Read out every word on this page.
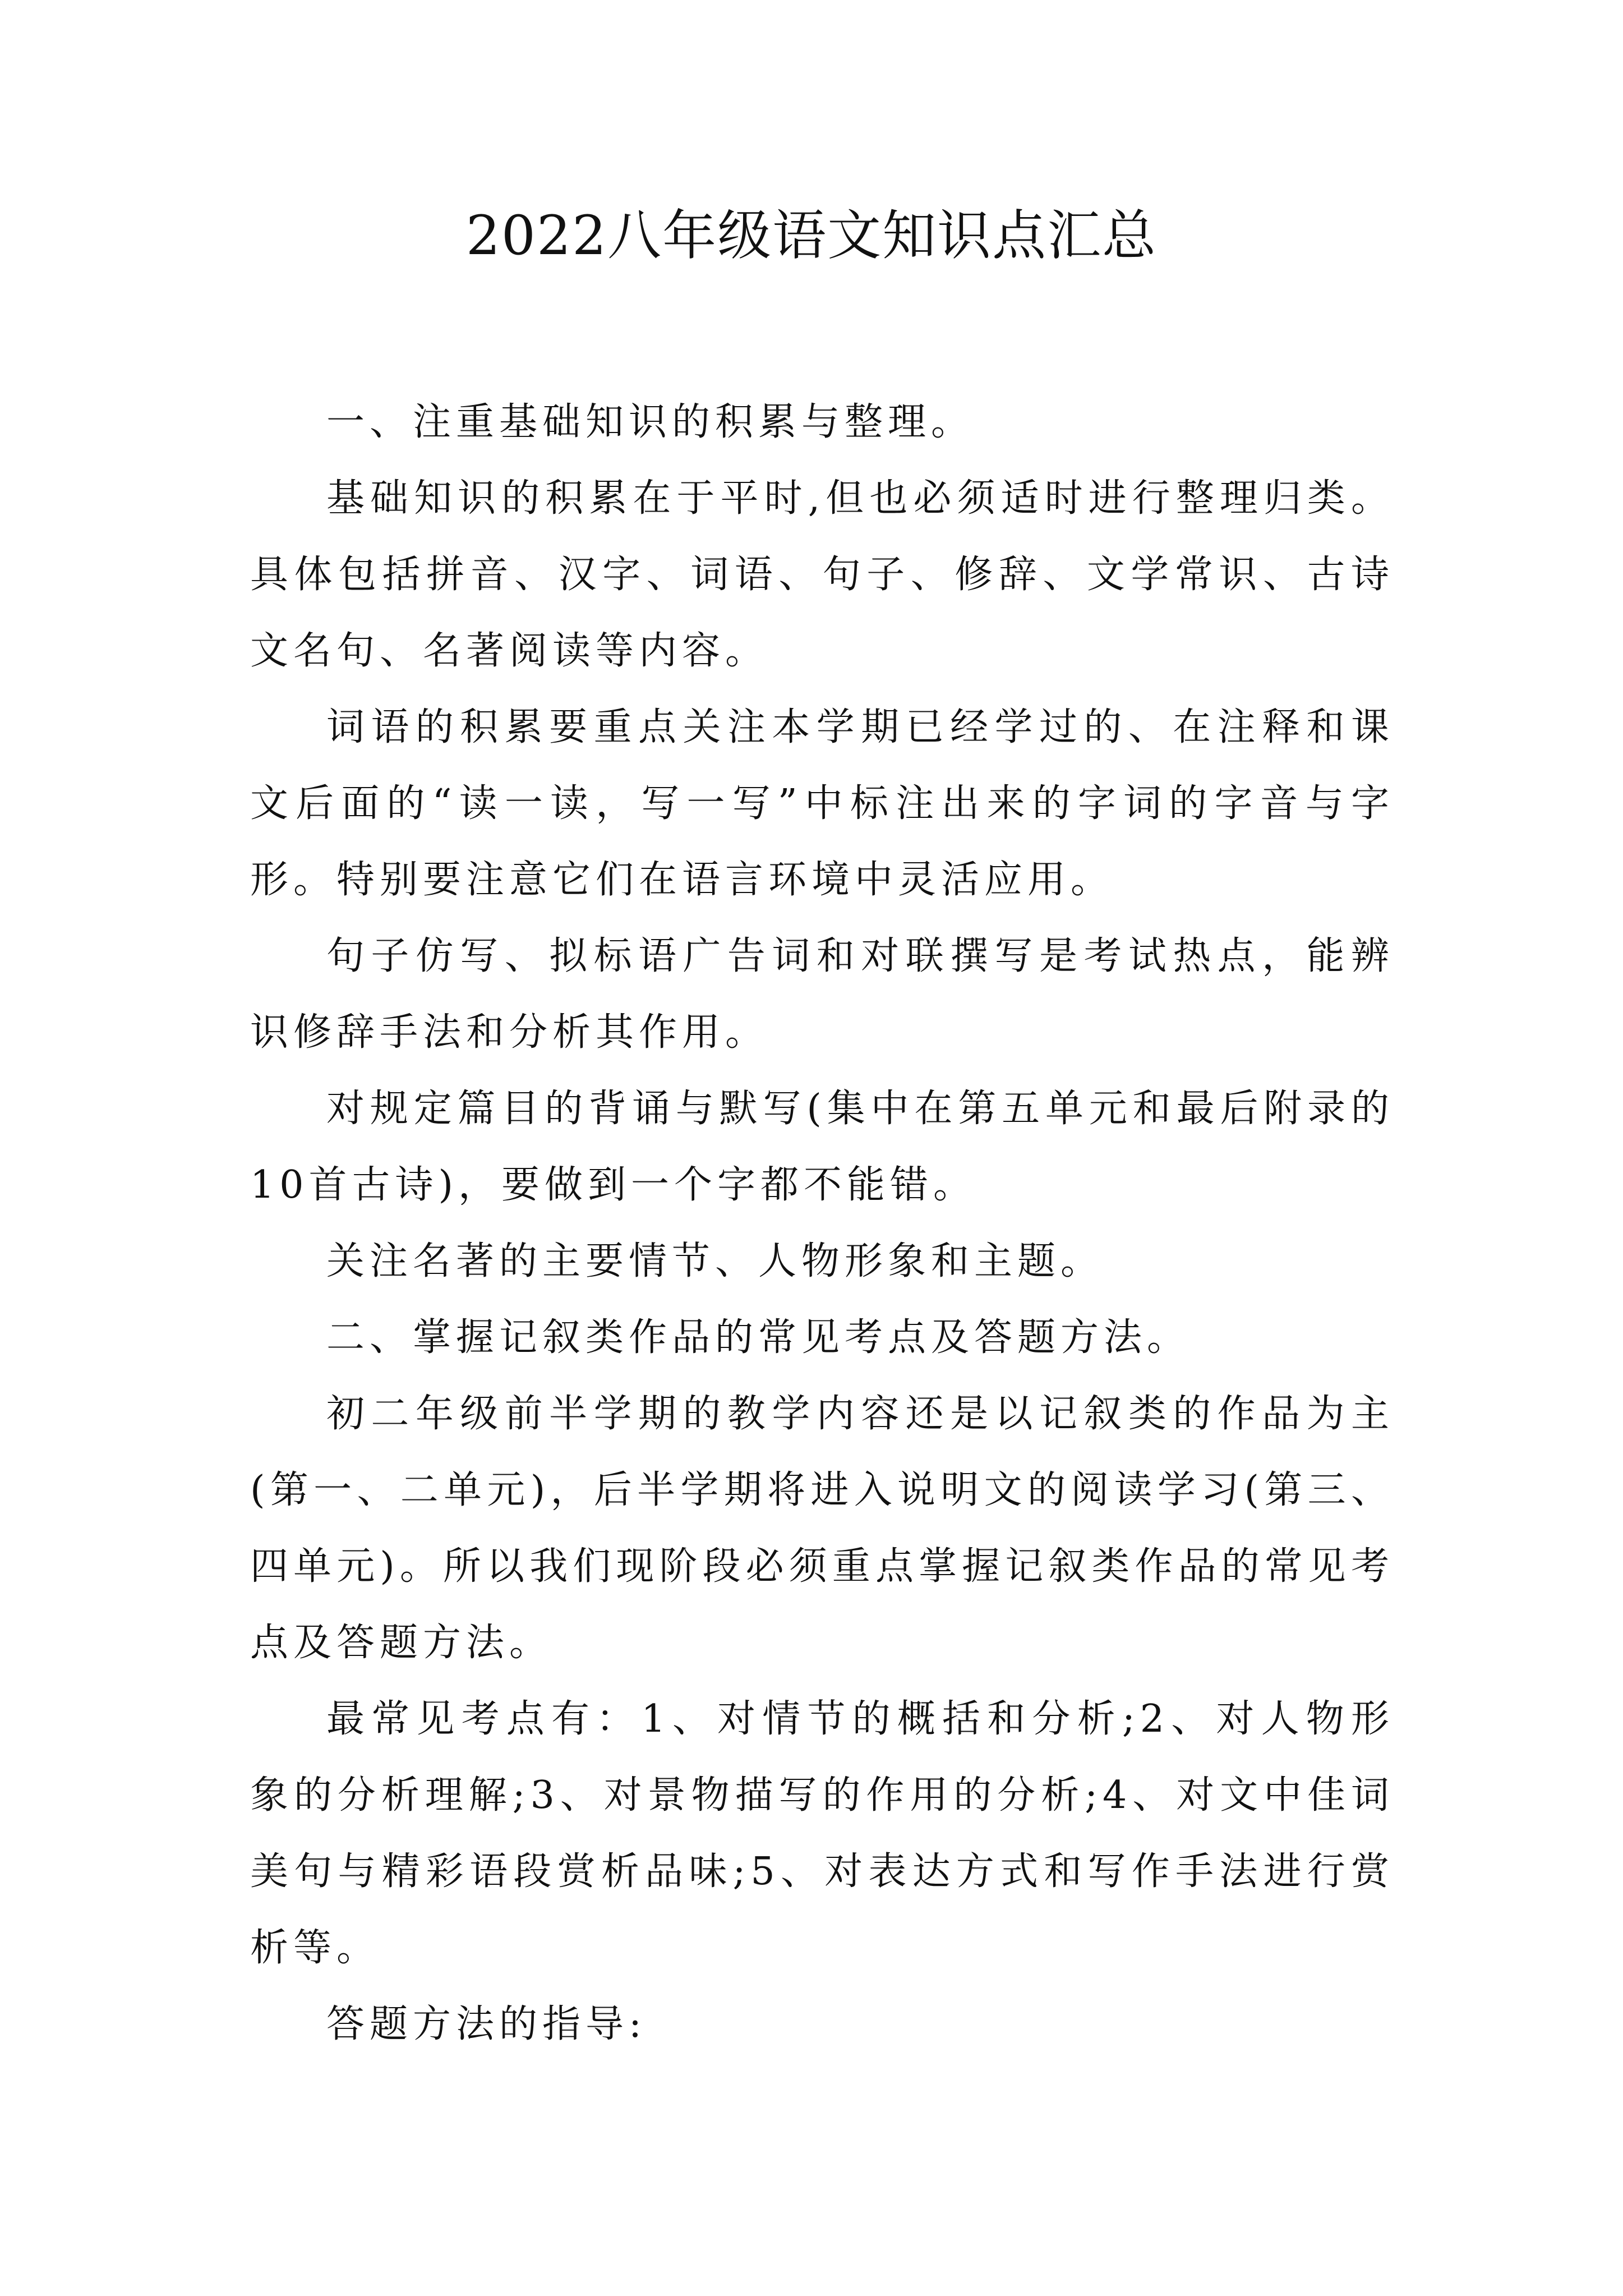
2022八年级语文知识点汇总

一、注重基础知识的积累与整理。

基础知识的积累在于平时,但也必须适时进行整理归类。具体包括拼音、汉字、词语、句子、修辞、文学常识、古诗文名句、名著阅读等内容。

词语的积累要重点关注本学期已经学过的、在注释和课文后面的“读一读，写一写”中标注出来的字词的字音与字形。特别要注意它们在语言环境中灵活应用。

句子仿写、拟标语广告词和对联撰写是考试热点，能辨识修辞手法和分析其作用。

对规定篇目的背诵与默写(集中在第五单元和最后附录的10首古诗)，要做到一个字都不能错。

关注名著的主要情节、人物形象和主题。

二、掌握记叙类作品的常见考点及答题方法。

初二年级前半学期的教学内容还是以记叙类的作品为主(第一、二单元)，后半学期将进入说明文的阅读学习(第三、四单元)。所以我们现阶段必须重点掌握记叙类作品的常见考点及答题方法。

最常见考点有：1、对情节的概括和分析;2、对人物形象的分析理解;3、对景物描写的作用的分析;4、对文中佳词美句与精彩语段赏析品味;5、对表达方式和写作手法进行赏析等。

答题方法的指导:
